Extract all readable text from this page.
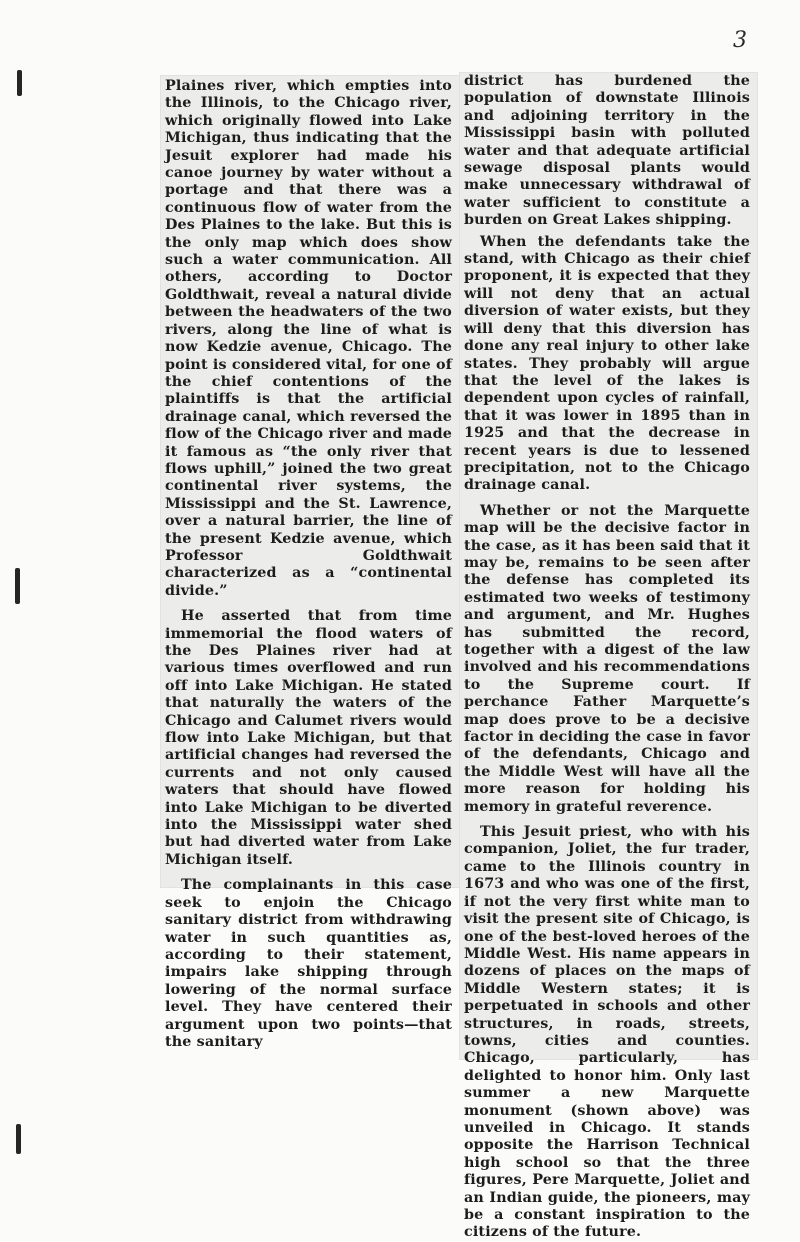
3

Plaines river, which empties into the Illinois, to the Chicago river, which originally flowed into Lake Michigan, thus indicating that the Jesuit explorer had made his canoe journey by water without a portage and that there was a continuous flow of water from the Des Plaines to the lake. But this is the only map which does show such a water communication. All others, according to Doctor Goldthwait, reveal a natural divide between the headwaters of the two rivers, along the line of what is now Kedzie avenue, Chicago. The point is considered vital, for one of the chief contentions of the plaintiffs is that the artificial drainage canal, which reversed the flow of the Chicago river and made it famous as “the only river that flows uphill,” joined the two great continental river systems, the Mississippi and the St. Lawrence, over a natural barrier, the line of the present Kedzie avenue, which Professor Goldthwait characterized as a “continental divide.”

He asserted that from time immemorial the flood waters of the Des Plaines river had at various times overflowed and run off into Lake Michigan. He stated that naturally the waters of the Chicago and Calumet rivers would flow into Lake Michigan, but that artificial changes had reversed the currents and not only caused waters that should have flowed into Lake Michigan to be diverted into the Mississippi water shed but had diverted water from Lake Michigan itself.

The complainants in this case seek to enjoin the Chicago sanitary district from withdrawing water in such quantities as, according to their statement, impairs lake shipping through lowering of the normal surface level. They have centered their argument upon two points—that the sanitary

district has burdened the population of downstate Illinois and adjoining territory in the Mississippi basin with polluted water and that adequate artificial sewage disposal plants would make unnecessary withdrawal of water sufficient to constitute a burden on Great Lakes shipping.

When the defendants take the stand, with Chicago as their chief proponent, it is expected that they will not deny that an actual diversion of water exists, but they will deny that this diversion has done any real injury to other lake states. They probably will argue that the level of the lakes is dependent upon cycles of rainfall, that it was lower in 1895 than in 1925 and that the decrease in recent years is due to lessened precipitation, not to the Chicago drainage canal.

Whether or not the Marquette map will be the decisive factor in the case, as it has been said that it may be, remains to be seen after the defense has completed its estimated two weeks of testimony and argument, and Mr. Hughes has submitted the record, together with a digest of the law involved and his recommendations to the Supreme court. If perchance Father Marquette’s map does prove to be a decisive factor in deciding the case in favor of the defendants, Chicago and the Middle West will have all the more reason for holding his memory in grateful reverence.

This Jesuit priest, who with his companion, Joliet, the fur trader, came to the Illinois country in 1673 and who was one of the first, if not the very first white man to visit the present site of Chicago, is one of the best-loved heroes of the Middle West. His name appears in dozens of places on the maps of Middle Western states; it is perpetuated in schools and other structures, in roads, streets, towns, cities and counties. Chicago, particularly, has delighted to honor him. Only last summer a new Marquette monument (shown above) was unveiled in Chicago. It stands opposite the Harrison Technical high school so that the three figures, Pere Marquette, Joliet and an Indian guide, the pioneers, may be a constant inspiration to the citizens of the future.
